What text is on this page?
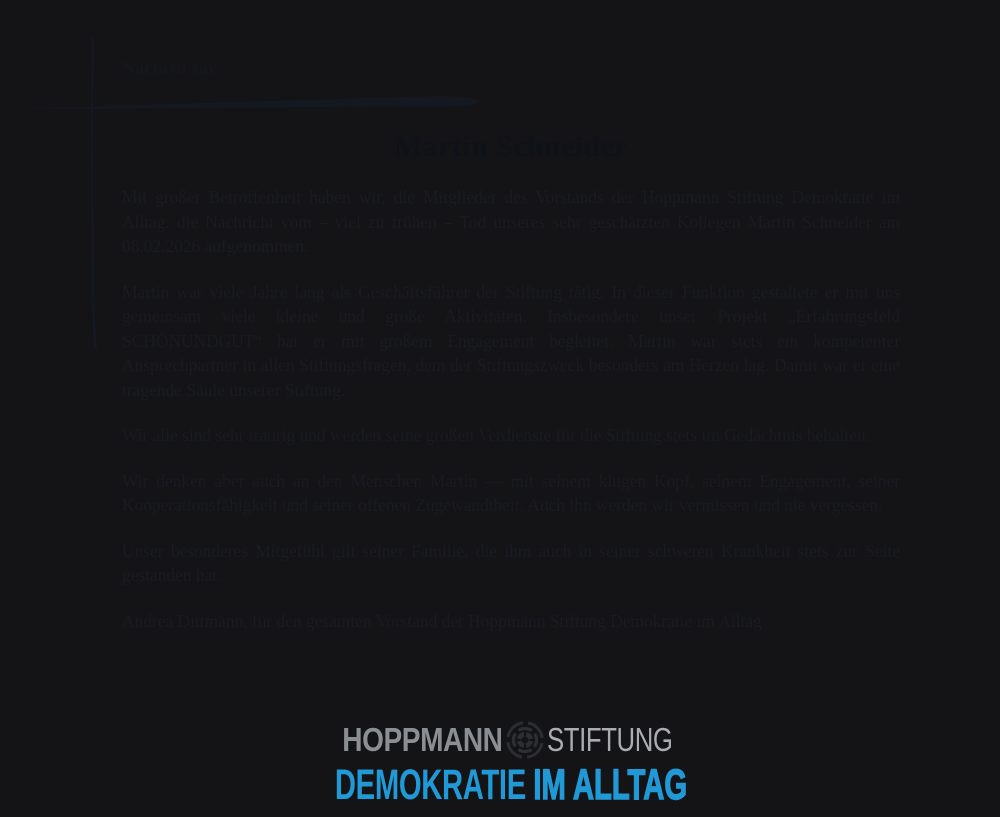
Nachruf für
Martin Schneider

Mit großer Betroffenheit haben wir, die Mitglieder des Vorstands der Hoppmann Stiftung Demokratie im Alltag, die Nachricht vom – viel zu frühen – Tod unseres sehr geschätzten Kollegen Martin Schneider am 08.02.2026 aufgenommen.

Martin war viele Jahre lang als Geschäftsführer der Stiftung tätig. In dieser Funktion gestaltete er mit uns gemeinsam viele kleine und große Aktivitäten. Insbesondere unser Projekt „Erfahrungsfeld SCHÖNUNDGUT“ hat er mit großem Engagement begleitet. Martin war stets ein kompetenter Ansprechpartner in allen Stiftungsfragen, dem der Stiftungszweck besonders am Herzen lag. Damit war er eine tragende Säule unserer Stiftung.

Wir alle sind sehr traurig und werden seine großen Verdienste für die Stiftung stets im Gedächtnis behalten.

Wir denken aber auch an den Menschen Martin — mit seinem klugen Kopf, seinem Engagement, seiner Kooperationsfähigkeit und seiner offenen Zugewandtheit. Auch ihn werden wir vermissen und nie vergessen.

Unser besonderes Mitgefühl gilt seiner Familie, die ihm auch in seiner schweren Krankheit stets zur Seite gestanden hat.

Andrea Dittmann, für den gesamten Vorstand der Hoppmann Stiftung Demokratie im Alltag

HOPPMANN STIFTUNG
DEMOKRATIE IM ALLTAG
